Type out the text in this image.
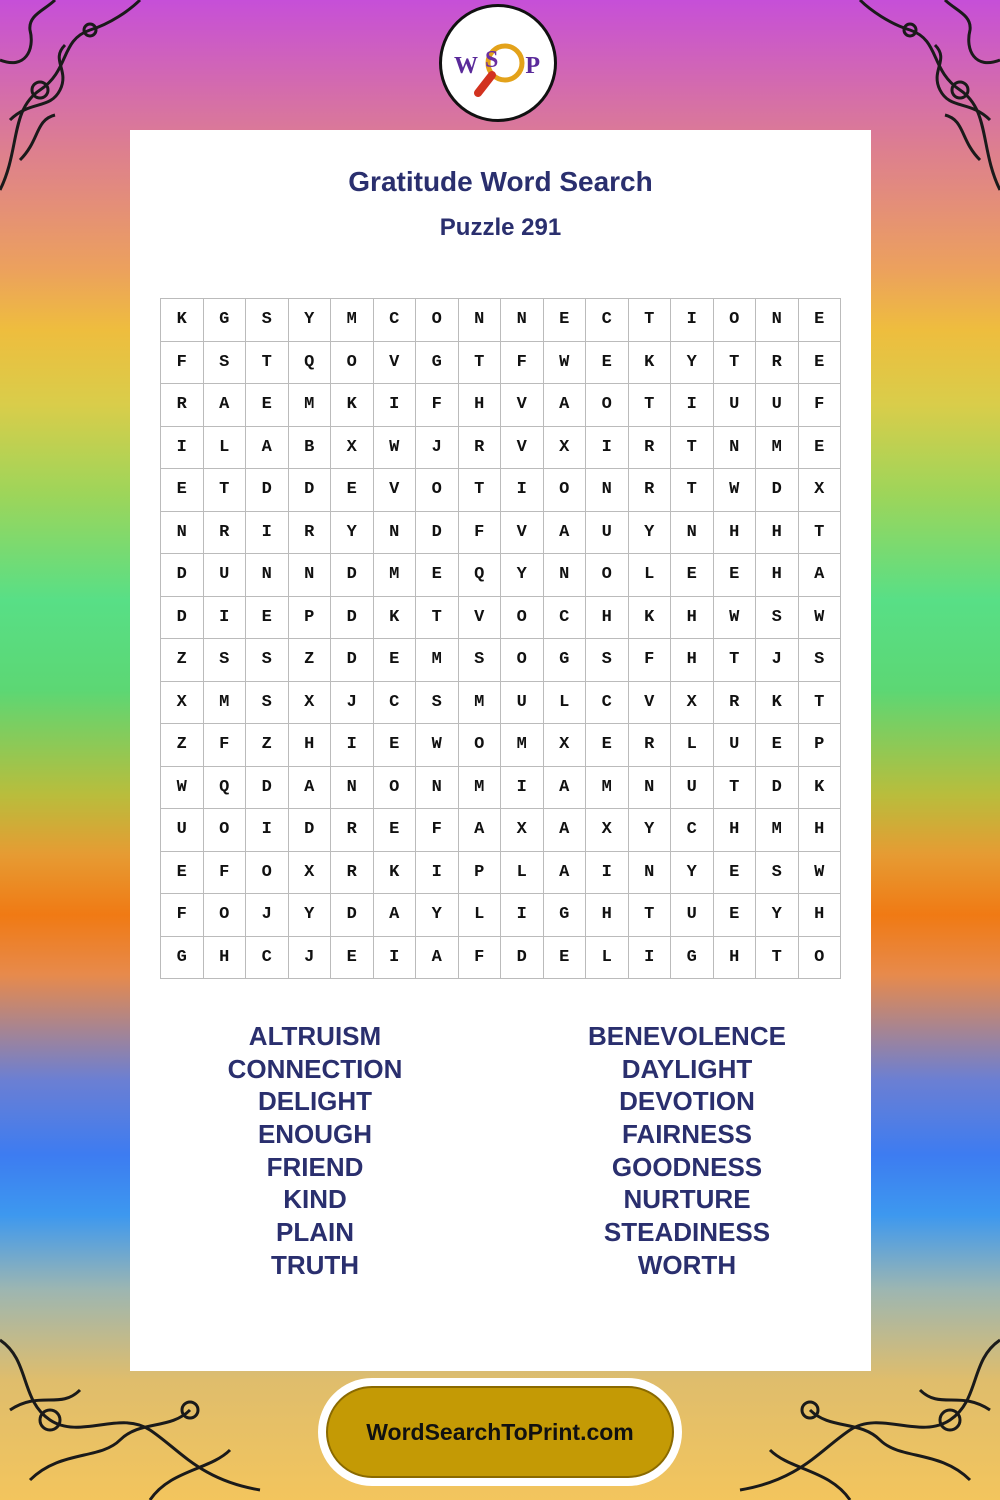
W S P
Gratitude Word Search
Puzzle 291
K	G	S	Y	M	C	O	N	N	E	C	T	I	O	N	E
F	S	T	Q	O	V	G	T	F	W	E	K	Y	T	R	E
R	A	E	M	K	I	F	H	V	A	O	T	I	U	U	F
I	L	A	B	X	W	J	R	V	X	I	R	T	N	M	E
E	T	D	D	E	V	O	T	I	O	N	R	T	W	D	X
N	R	I	R	Y	N	D	F	V	A	U	Y	N	H	H	T
D	U	N	N	D	M	E	Q	Y	N	O	L	E	E	H	A
D	I	E	P	D	K	T	V	O	C	H	K	H	W	S	W
Z	S	S	Z	D	E	M	S	O	G	S	F	H	T	J	S
X	M	S	X	J	C	S	M	U	L	C	V	X	R	K	T
Z	F	Z	H	I	E	W	O	M	X	E	R	L	U	E	P
W	Q	D	A	N	O	N	M	I	A	M	N	U	T	D	K
U	O	I	D	R	E	F	A	X	A	X	Y	C	H	M	H
E	F	O	X	R	K	I	P	L	A	I	N	Y	E	S	W
F	O	J	Y	D	A	Y	L	I	G	H	T	U	E	Y	H
G	H	C	J	E	I	A	F	D	E	L	I	G	H	T	O
ALTRUISM
CONNECTION
DELIGHT
ENOUGH
FRIEND
KIND
PLAIN
TRUTH
BENEVOLENCE
DAYLIGHT
DEVOTION
FAIRNESS
GOODNESS
NURTURE
STEADINESS
WORTH
WordSearchToPrint.com
